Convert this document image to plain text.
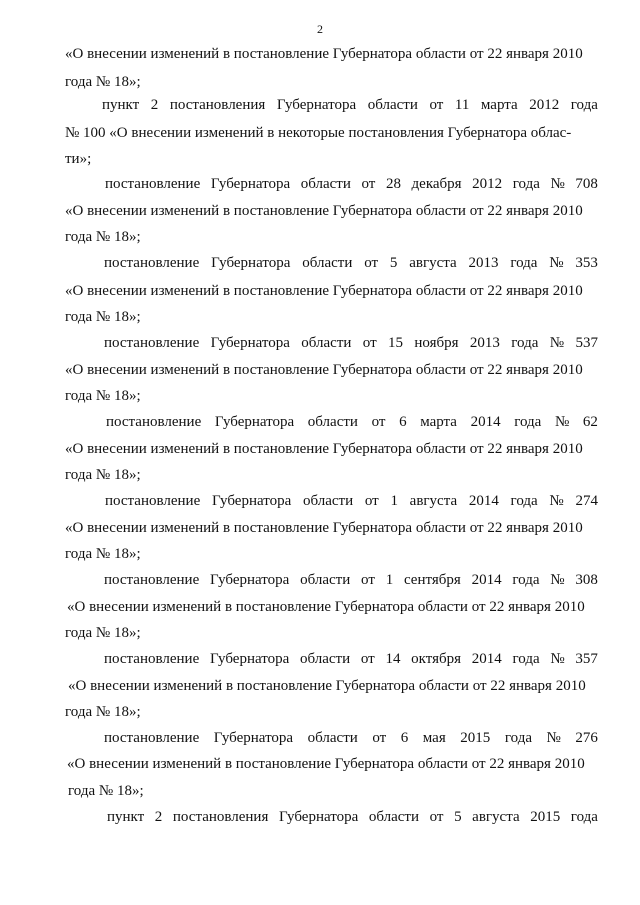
2
«О внесении изменений в постановление Губернатора области от 22 января 2010
года № 18»;
пункт 2 постановления Губернатора области от 11 марта 2012 года
№ 100 «О внесении изменений в некоторые постановления Губернатора облас-
ти»;
постановление Губернатора области от 28 декабря 2012 года № 708
«О внесении изменений в постановление Губернатора области от 22 января 2010
года № 18»;
постановление Губернатора области от 5 августа 2013 года № 353
«О внесении изменений в постановление Губернатора области от 22 января 2010
года № 18»;
постановление Губернатора области от 15 ноября 2013 года № 537
«О внесении изменений в постановление Губернатора области от 22 января 2010
года № 18»;
постановление Губернатора области от 6 марта 2014 года № 62
«О внесении изменений в постановление Губернатора области от 22 января 2010
года № 18»;
постановление Губернатора области от 1 августа 2014 года № 274
«О внесении изменений в постановление Губернатора области от 22 января 2010
года № 18»;
постановление Губернатора области от 1 сентября 2014 года № 308
«О внесении изменений в постановление Губернатора области от 22 января 2010
года № 18»;
постановление Губернатора области от 14 октября 2014 года № 357
«О внесении изменений в постановление Губернатора области от 22 января 2010
года № 18»;
постановление Губернатора области от 6 мая 2015 года № 276
«О внесении изменений в постановление Губернатора области от 22 января 2010
года № 18»;
пункт 2 постановления Губернатора области от 5 августа 2015 года
